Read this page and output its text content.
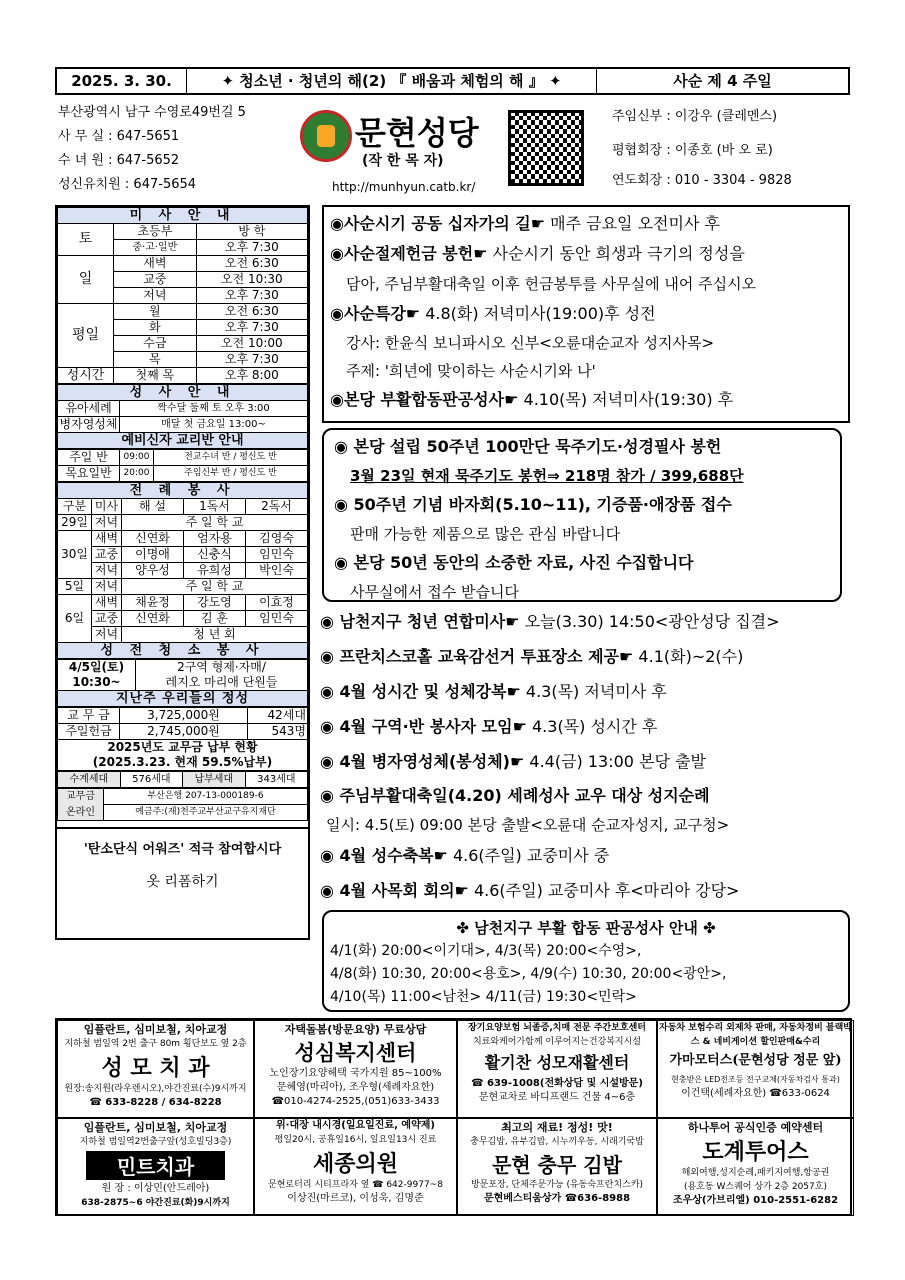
2025. 3. 30.	✦ 청소년 · 청년의 해(2) 『 배움과 체험의 해 』 ✦	사순 제 4 주일
부산광역시 남구 수영로49번길 5
사 무 실 : 647-5651
수 녀 원 : 647-5652
성신유치원 : 647-5654
문현성당
(작 한 목 자)
http://munhyun.catb.kr/
주임신부 : 이강우 (클레멘스)
평협회장 : 이종호 (바 오 로)
연도회장 : 010 - 3304 - 9828
미 사 안 내		
토	초등부	방 학
	중·고·일반	오후 7:30
일	새벽	오전 6:30
	교중	오전 10:30
	저녁	오후 7:30
평일	월	오전 6:30
	화	오후 7:30
	수금	오전 10:00
	목	오후 7:30
성시간	첫째 목	오후 8:00
성 사 안 내	
유아세례	짝수달 둘째 토 오후 3:00
병자영성체	매달 첫 금요일 13:00~
예비신자 교리반 안내	
주일 반	09:00	전교수녀 반 / 평신도 반
목요일반	20:00	주임신부 반 / 평신도 반
전 례 봉 사				
구분	미사	해 설	1독서	2독서
29일	저녁	주 일 학 교		
30일	새벽	신연화	엄자용	김영숙
	교중	이명애	신충식	임민숙
	저녁	양우성	유희성	박인숙
5일	저녁	주 일 학 교		
6일	새벽	채윤정	강도영	이효정
	교중	신연화	김 훈	임민숙
	저녁	청 년 회		
성 전 청 소 봉 사				
4/5일(토)	2구역 형제·자매/
10:30~	레지오 마리애 단원들
지난주 우리들의 정성	
교 무 금	3,725,000원	42세대
주일헌금	2,745,000원	543명
2025년도 교무금 납부 현황		
(2025.3.23. 현재 59.5%납부)		
수계세대	576세대	납부세대	343세대
교무금	부산은행 207-13-000189-6
온라인	예금주:(재)천주교부산교구유지재단
'탄소단식 어워즈' 적극 참여합시다
옷 리폼하기
◉사순시기 공동 십자가의 길☛ 매주 금요일 오전미사 후
◉사순절제헌금 봉헌☛ 사순시기 동안 희생과 극기의 정성을
담아, 주님부활대축일 이후 헌금봉투를 사무실에 내어 주십시오
◉사순특강☛ 4.8(화) 저녁미사(19:00)후 성전
강사: 한윤식 보니파시오 신부<오륜대순교자 성지사목>
주제: '희년에 맞이하는 사순시기와 나'
◉본당 부활합동판공성사☛ 4.10(목) 저녁미사(19:30) 후
◉ 본당 설립 50주년 100만단 묵주기도·성경필사 봉헌
3월 23일 현재 묵주기도 봉헌⇒ 218명 참가 / 399,688단
◉ 50주년 기념 바자회(5.10~11), 기증품·애장품 접수
판매 가능한 제품으로 많은 관심 바랍니다
◉ 본당 50년 동안의 소중한 자료, 사진 수집합니다
사무실에서 접수 받습니다
◉ 남천지구 청년 연합미사☛ 오늘(3.30) 14:50<광안성당 집결>
◉ 프란치스코홀 교육감선거 투표장소 제공☛ 4.1(화)~2(수)
◉ 4월 성시간 및 성체강복☛ 4.3(목) 저녁미사 후
◉ 4월 구역·반 봉사자 모임☛ 4.3(목) 성시간 후
◉ 4월 병자영성체(봉성체)☛ 4.4(금) 13:00 본당 출발
◉ 주님부활대축일(4.20) 세례성사 교우 대상 성지순례
일시: 4.5(토) 09:00 본당 출발<오륜대 순교자성지, 교구청>
◉ 4월 성수축복☛ 4.6(주일) 교중미사 중
◉ 4월 사목회 회의☛ 4.6(주일) 교중미사 후<마리아 강당>
✤ 남천지구 부활 합동 판공성사 안내 ✤
4/1(화) 20:00<이기대>, 4/3(목) 20:00<수영>,
4/8(화) 10:30, 20:00<용호>, 4/9(수) 10:30, 20:00<광안>,
4/10(목) 11:00<남천> 4/11(금) 19:30<민락>
임플란트, 심미보철, 치아교정
지하철 범일역 2번 출구 80m 횡단보도 옆 2층
성 모 치 과
원장:송지원(라우렌시오),야간진료(수)9시까지
☎ 633-8228 / 634-8228
자택돌봄(방문요양) 무료상담
성심복지센터
노인장기요양헤택 국가지원 85~100%
문혜영(마리아), 조우형(세례자요한)
☎010-4274-2525,(051)633-3433
장기요양보험 뇌졸증,치매 전문 주간보호센터
치료와케어가함께 이루어지는건강복지시설
활기찬 성모재활센터
☎ 639-1008(전화상담 및 시설방문)
문현교차로 바디프랜드 건물 4~6층
자동차 보험수리 외제차 판매, 자동차정비 블랙박스 & 네비게이션 할인판매&수리
가마모터스(문현성당 정문 앞)
현충받은 LED전조등 전구교체(자동차검사 통과)
이건택(세례자요한) ☎633-0624
임플란트, 심미보철, 치아교정
지하철 범일역2번출구앞(성호빌딩3층)
민트치과
원 장 : 이상민(안드레아)
638-2875~6 야간진료(화)9시까지
위·대장 내시경(일요일진료, 예약제)
평일20시, 공휴일16시, 일요일13시 진료
세종의원
문현로터리 시티프라자 옆 ☎ 642-9977~8
이상진(마르코), 이성욱, 김명준
최고의 재료! 정성! 맛!
충무김밥, 유부김밥, 시누끼우동, 시래기국밥
문현 충무 김밥
방문포장, 단체주문가능 (유동숙프란치스카)
문현베스티움상가 ☎636-8988
하나투어 공식인증 예약센터
도계투어스
해외여행,성지순례,패키지여행,항공권
(용호동 W스퀘어 상가 2층 2057호)
조우상(가브리엘) 010-2551-6282
